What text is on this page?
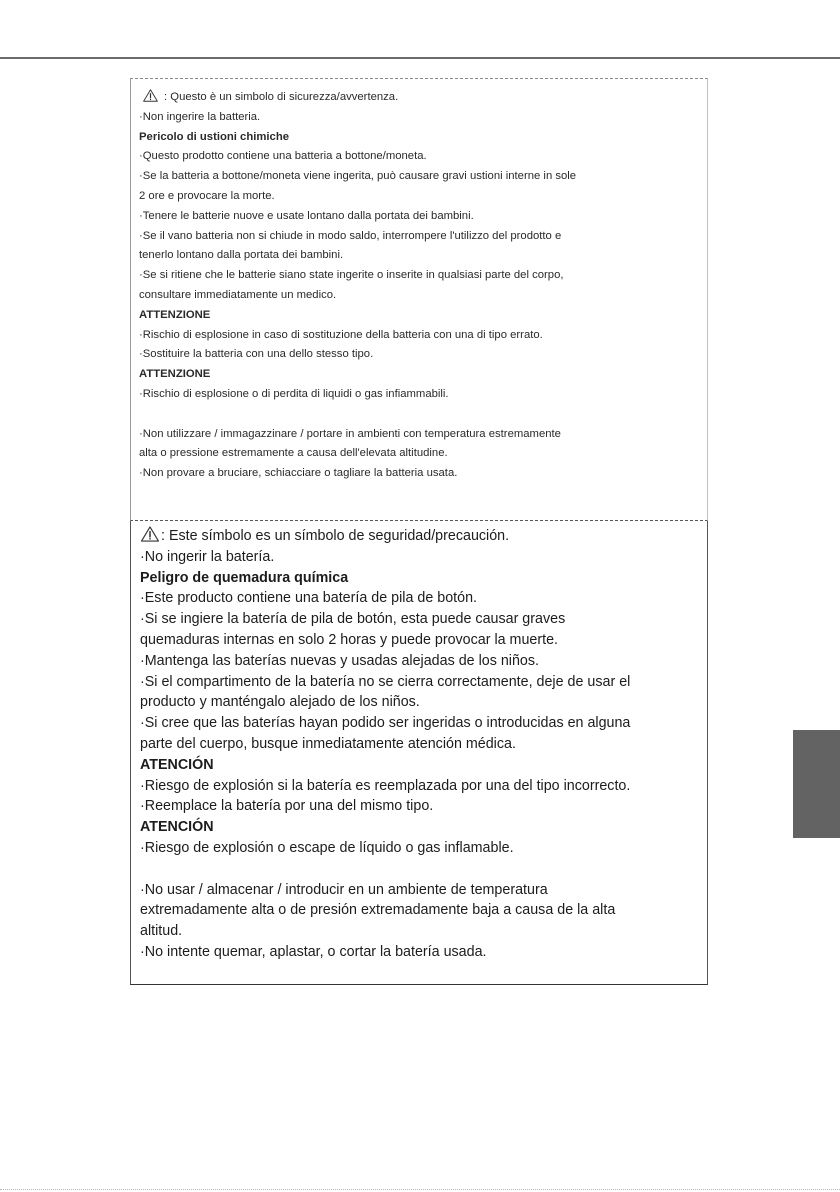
: Questo è un simbolo di sicurezza/avvertenza.
·Non ingerire la batteria.
Pericolo di ustioni chimiche
·Questo prodotto contiene una batteria a bottone/moneta.
·Se la batteria a bottone/moneta viene ingerita, può causare gravi ustioni interne in sole
2 ore e provocare la morte.
·Tenere le batterie nuove e usate lontano dalla portata dei bambini.
·Se il vano batteria non si chiude in modo saldo, interrompere l'utilizzo del prodotto e
tenerlo lontano dalla portata dei bambini.
·Se si ritiene che le batterie siano state ingerite o inserite in qualsiasi parte del corpo,
consultare immediatamente un medico.
ATTENZIONE
·Rischio di esplosione in caso di sostituzione della batteria con una di tipo errato.
·Sostituire la batteria con una dello stesso tipo.
ATTENZIONE
·Rischio di esplosione o di perdita di liquidi o gas infiammabili.
·Non utilizzare / immagazzinare / portare in ambienti con temperatura estremamente
alta o pressione estremamente a causa dell'elevata altitudine.
·Non provare a bruciare, schiacciare o tagliare la batteria usata.
: Este símbolo es un símbolo de seguridad/precaución.
·No ingerir la batería.
Peligro de quemadura química
·Este producto contiene una batería de pila de botón.
·Si se ingiere la batería de pila de botón, esta puede causar graves
quemaduras internas en solo 2 horas y puede provocar la muerte.
·Mantenga las baterías nuevas y usadas alejadas de los niños.
·Si el compartimento de la batería no se cierra correctamente, deje de usar el
producto y manténgalo alejado de los niños.
·Si cree que las baterías hayan podido ser ingeridas o introducidas en alguna
parte del cuerpo, busque inmediatamente atención médica.
ATENCIÓN
·Riesgo de explosión si la batería es reemplazada por una del tipo incorrecto.
·Reemplace la batería por una del mismo tipo.
ATENCIÓN
·Riesgo de explosión o escape de líquido o gas inflamable.
·No usar / almacenar / introducir en un ambiente de temperatura
extremadamente alta o de presión extremadamente baja a causa de la alta
altitud.
·No intente quemar, aplastar, o cortar la batería usada.
